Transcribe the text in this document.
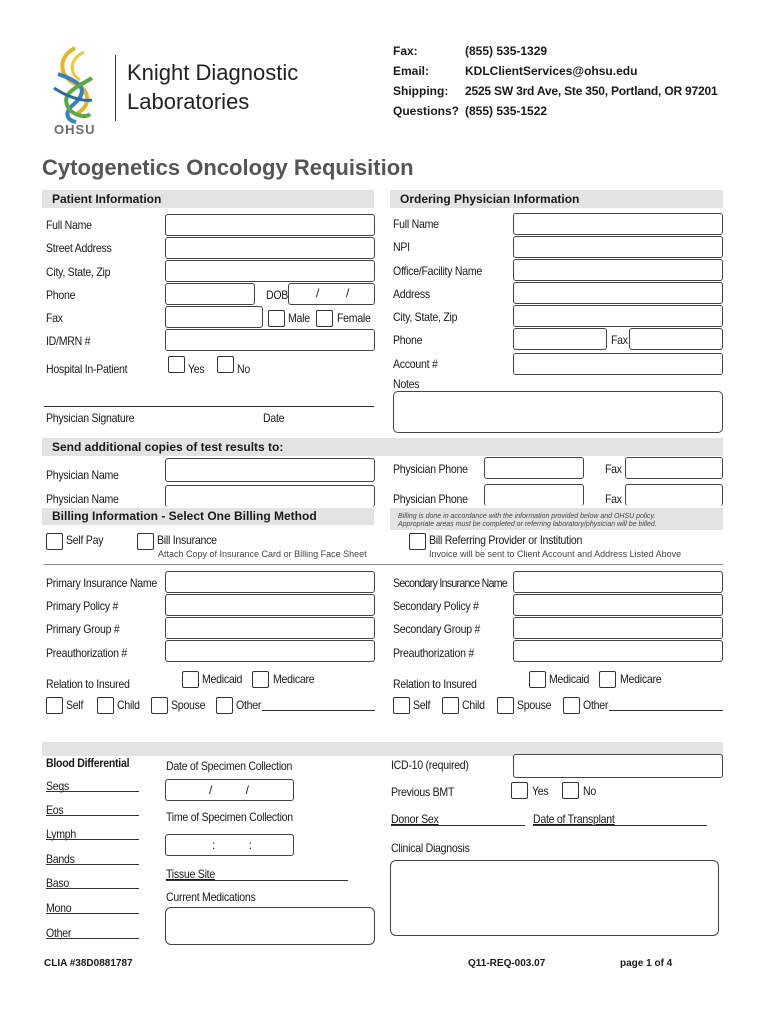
OHSU
Knight Diagnostic
Laboratories
Fax:	(855) 535-1329
Email:	KDLClientServices@ohsu.edu
Shipping: 2525 SW 3rd Ave, Ste 350, Portland, OR 97201
Questions? (855) 535-1522
Cytogenetics Oncology Requisition
Patient Information	Ordering Physician Information
Full Name
Street Address
City, State, Zip
Phone	DOB /        /
Fax	Male Female
ID/MRN #
Hospital In-Patient	Yes	No
Physician Signature	Date
Full Name
NPI
Office/Facility Name
Address
City, State, Zip
Phone	Fax
Account #
Notes
Send additional copies of test results to:
Physician Name
Physician Name
Physician Phone	Fax
Physician Phone	Fax
Billing Information - Select One Billing Method	Billing is done in accordance with the information provided below and OHSU policy.
Appropriate areas must be completed or referring laboratory/physician will be billed.
Self Pay	Bill Insurance
Attach Copy of Insurance Card or Billing Face Sheet
Bill Referring Provider or Institution
Invoice will be sent to Client Account and Address Listed Above
Primary Insurance Name
Primary Policy #
Primary Group #
Preauthorization #
Secondary Insurance Name
Secondary Policy #
Secondary Group #
Preauthorization #
Relation to Insured	Medicaid	Medicare
Self	Child	Spouse	Other
Relation to Insured	Medicaid	Medicare
Self	Child	Spouse	Other
Blood Differential
Segs
Eos
Lymph
Bands
Baso
Mono
Other
Date of Specimen Collection
/          /
Time of Specimen Collection
:          :
Tissue Site
Current Medications
ICD-10 (required)
Previous BMT	Yes	No
Donor Sex	Date of Transplant
Clinical Diagnosis
CLIA #38D0881787	Q11-REQ-003.07	page 1 of 4
